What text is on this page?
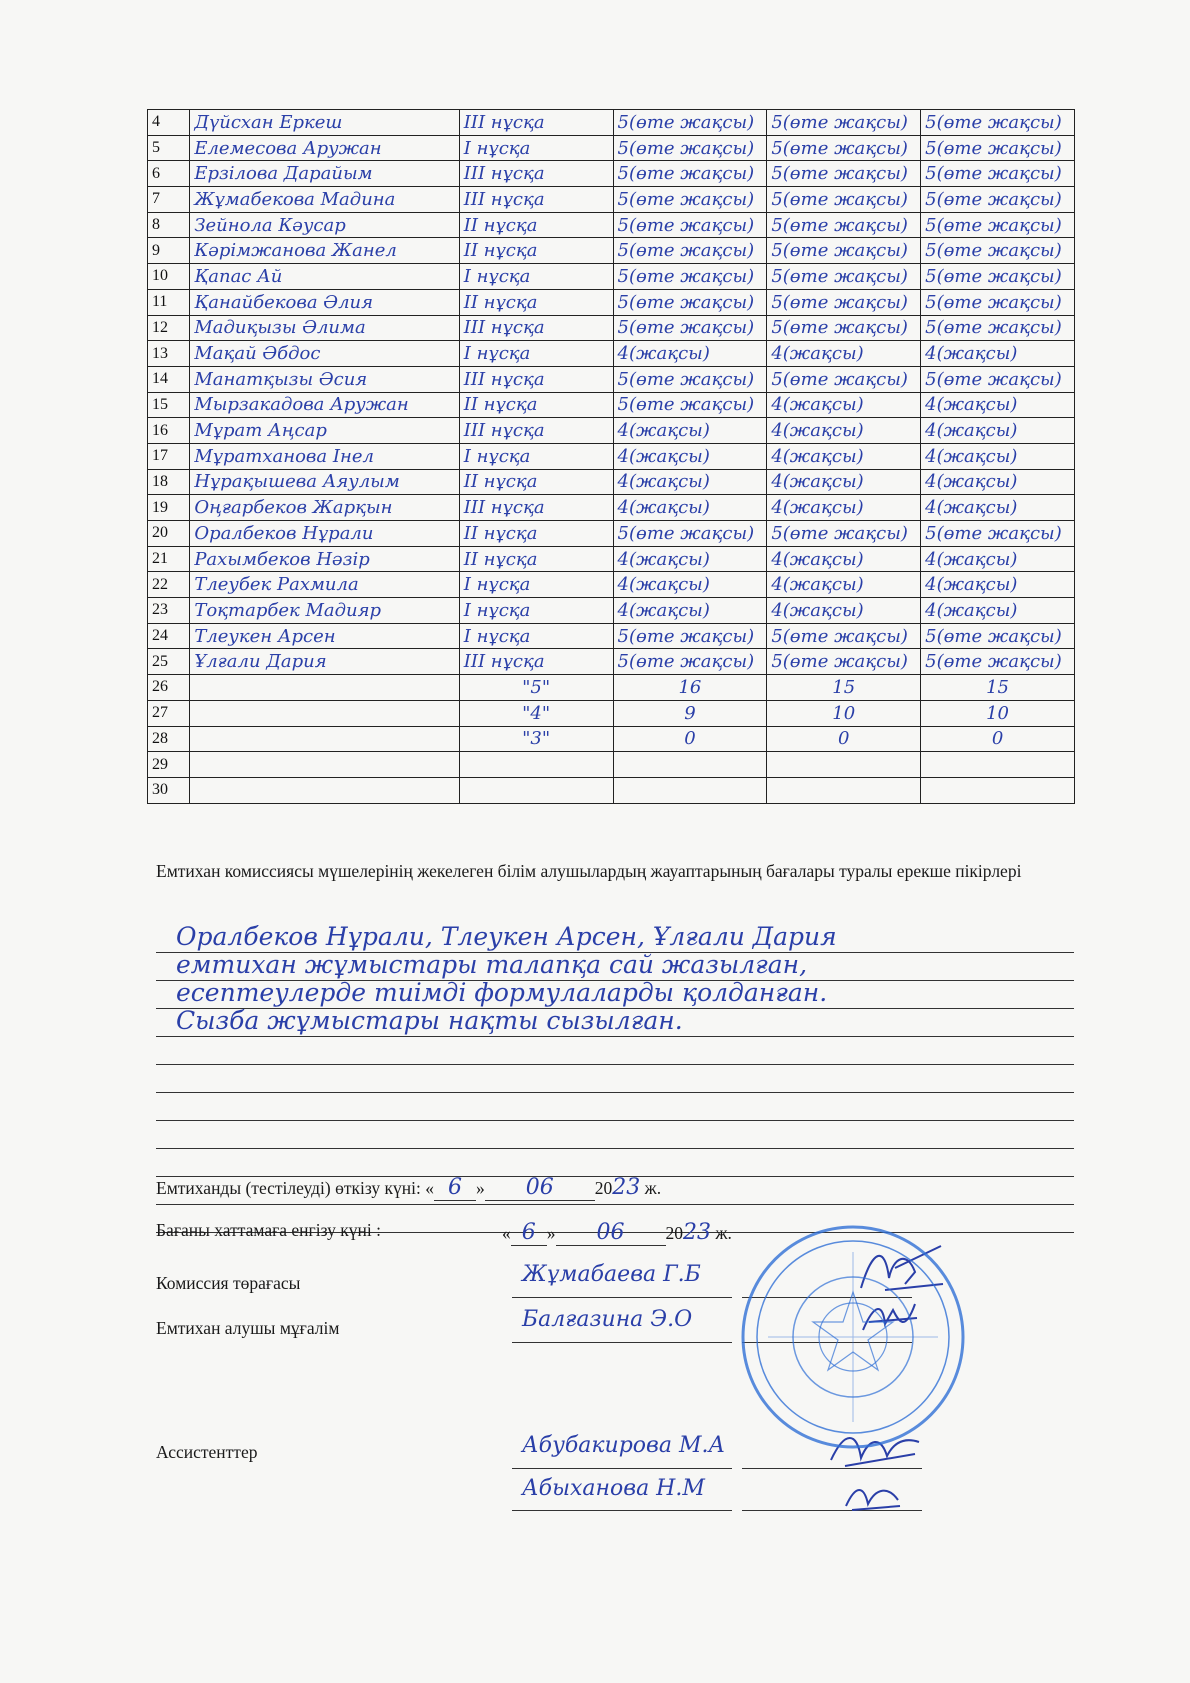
4	Дүйсхан Еркеш	III нұсқа	5(өте жақсы)	5(өте жақсы)	5(өте жақсы)
5	Елемесова Аружан	I нұсқа	5(өте жақсы)	5(өте жақсы)	5(өте жақсы)
6	Ерзілова Дарайым	III нұсқа	5(өте жақсы)	5(өте жақсы)	5(өте жақсы)
7	Жұмабекова Мадина	III нұсқа	5(өте жақсы)	5(өте жақсы)	5(өте жақсы)
8	Зейнола Кәусар	II нұсқа	5(өте жақсы)	5(өте жақсы)	5(өте жақсы)
9	Кәрімжанова Жанел	II нұсқа	5(өте жақсы)	5(өте жақсы)	5(өте жақсы)
10	Қапас Ай	I нұсқа	5(өте жақсы)	5(өте жақсы)	5(өте жақсы)
11	Қанайбекова Әлия	II нұсқа	5(өте жақсы)	5(өте жақсы)	5(өте жақсы)
12	Мадиқызы Әлима	III нұсқа	5(өте жақсы)	5(өте жақсы)	5(өте жақсы)
13	Мақай Әбдос	I нұсқа	4(жақсы)	4(жақсы)	4(жақсы)
14	Манатқызы Әсия	III нұсқа	5(өте жақсы)	5(өте жақсы)	5(өте жақсы)
15	Мырзакадова Аружан	II нұсқа	5(өте жақсы)	4(жақсы)	4(жақсы)
16	Мұрат Аңсар	III нұсқа	4(жақсы)	4(жақсы)	4(жақсы)
17	Мұратханова Інел	I нұсқа	4(жақсы)	4(жақсы)	4(жақсы)
18	Нұрақышева Аяулым	II нұсқа	4(жақсы)	4(жақсы)	4(жақсы)
19	Оңғарбеков Жарқын	III нұсқа	4(жақсы)	4(жақсы)	4(жақсы)
20	Оралбеков Нұрали	II нұсқа	5(өте жақсы)	5(өте жақсы)	5(өте жақсы)
21	Рахымбеков Нәзір	II нұсқа	4(жақсы)	4(жақсы)	4(жақсы)
22	Тлеубек Рахмила	I нұсқа	4(жақсы)	4(жақсы)	4(жақсы)
23	Тоқтарбек Мадияр	I нұсқа	4(жақсы)	4(жақсы)	4(жақсы)
24	Тлеукен Арсен	I нұсқа	5(өте жақсы)	5(өте жақсы)	5(өте жақсы)
25	Ұлғали Дария	III нұсқа	5(өте жақсы)	5(өте жақсы)	5(өте жақсы)
26		"5"	16	15	15
27		"4"	9	10	10
28		"3"	0	0	0
29					
30					
Емтихан комиссиясы мүшелерінің жекелеген білім алушылардың жауаптарының бағалары туралы ерекше пікірлері
Оралбеков Нұрали, Тлеукен Арсен, Ұлғали Дария
емтихан жұмыстары талапқа сай жазылған,
есептеулерде тиімді формулаларды қолданған.
Сызба жұмыстары нақты сызылған.
Емтиханды (тестілеуді) өткізу күні: « 6 » 06 2023 ж.
Бағаны хаттамаға енгізу күні :	« 6 » 06 2023 ж.
Комиссия төрағасы	Жұмабаева Г.Б
Емтихан алушы мұғалім	Балғазина Э.О
Ассистенттер	Абубакирова М.А
Абыханова Н.М
